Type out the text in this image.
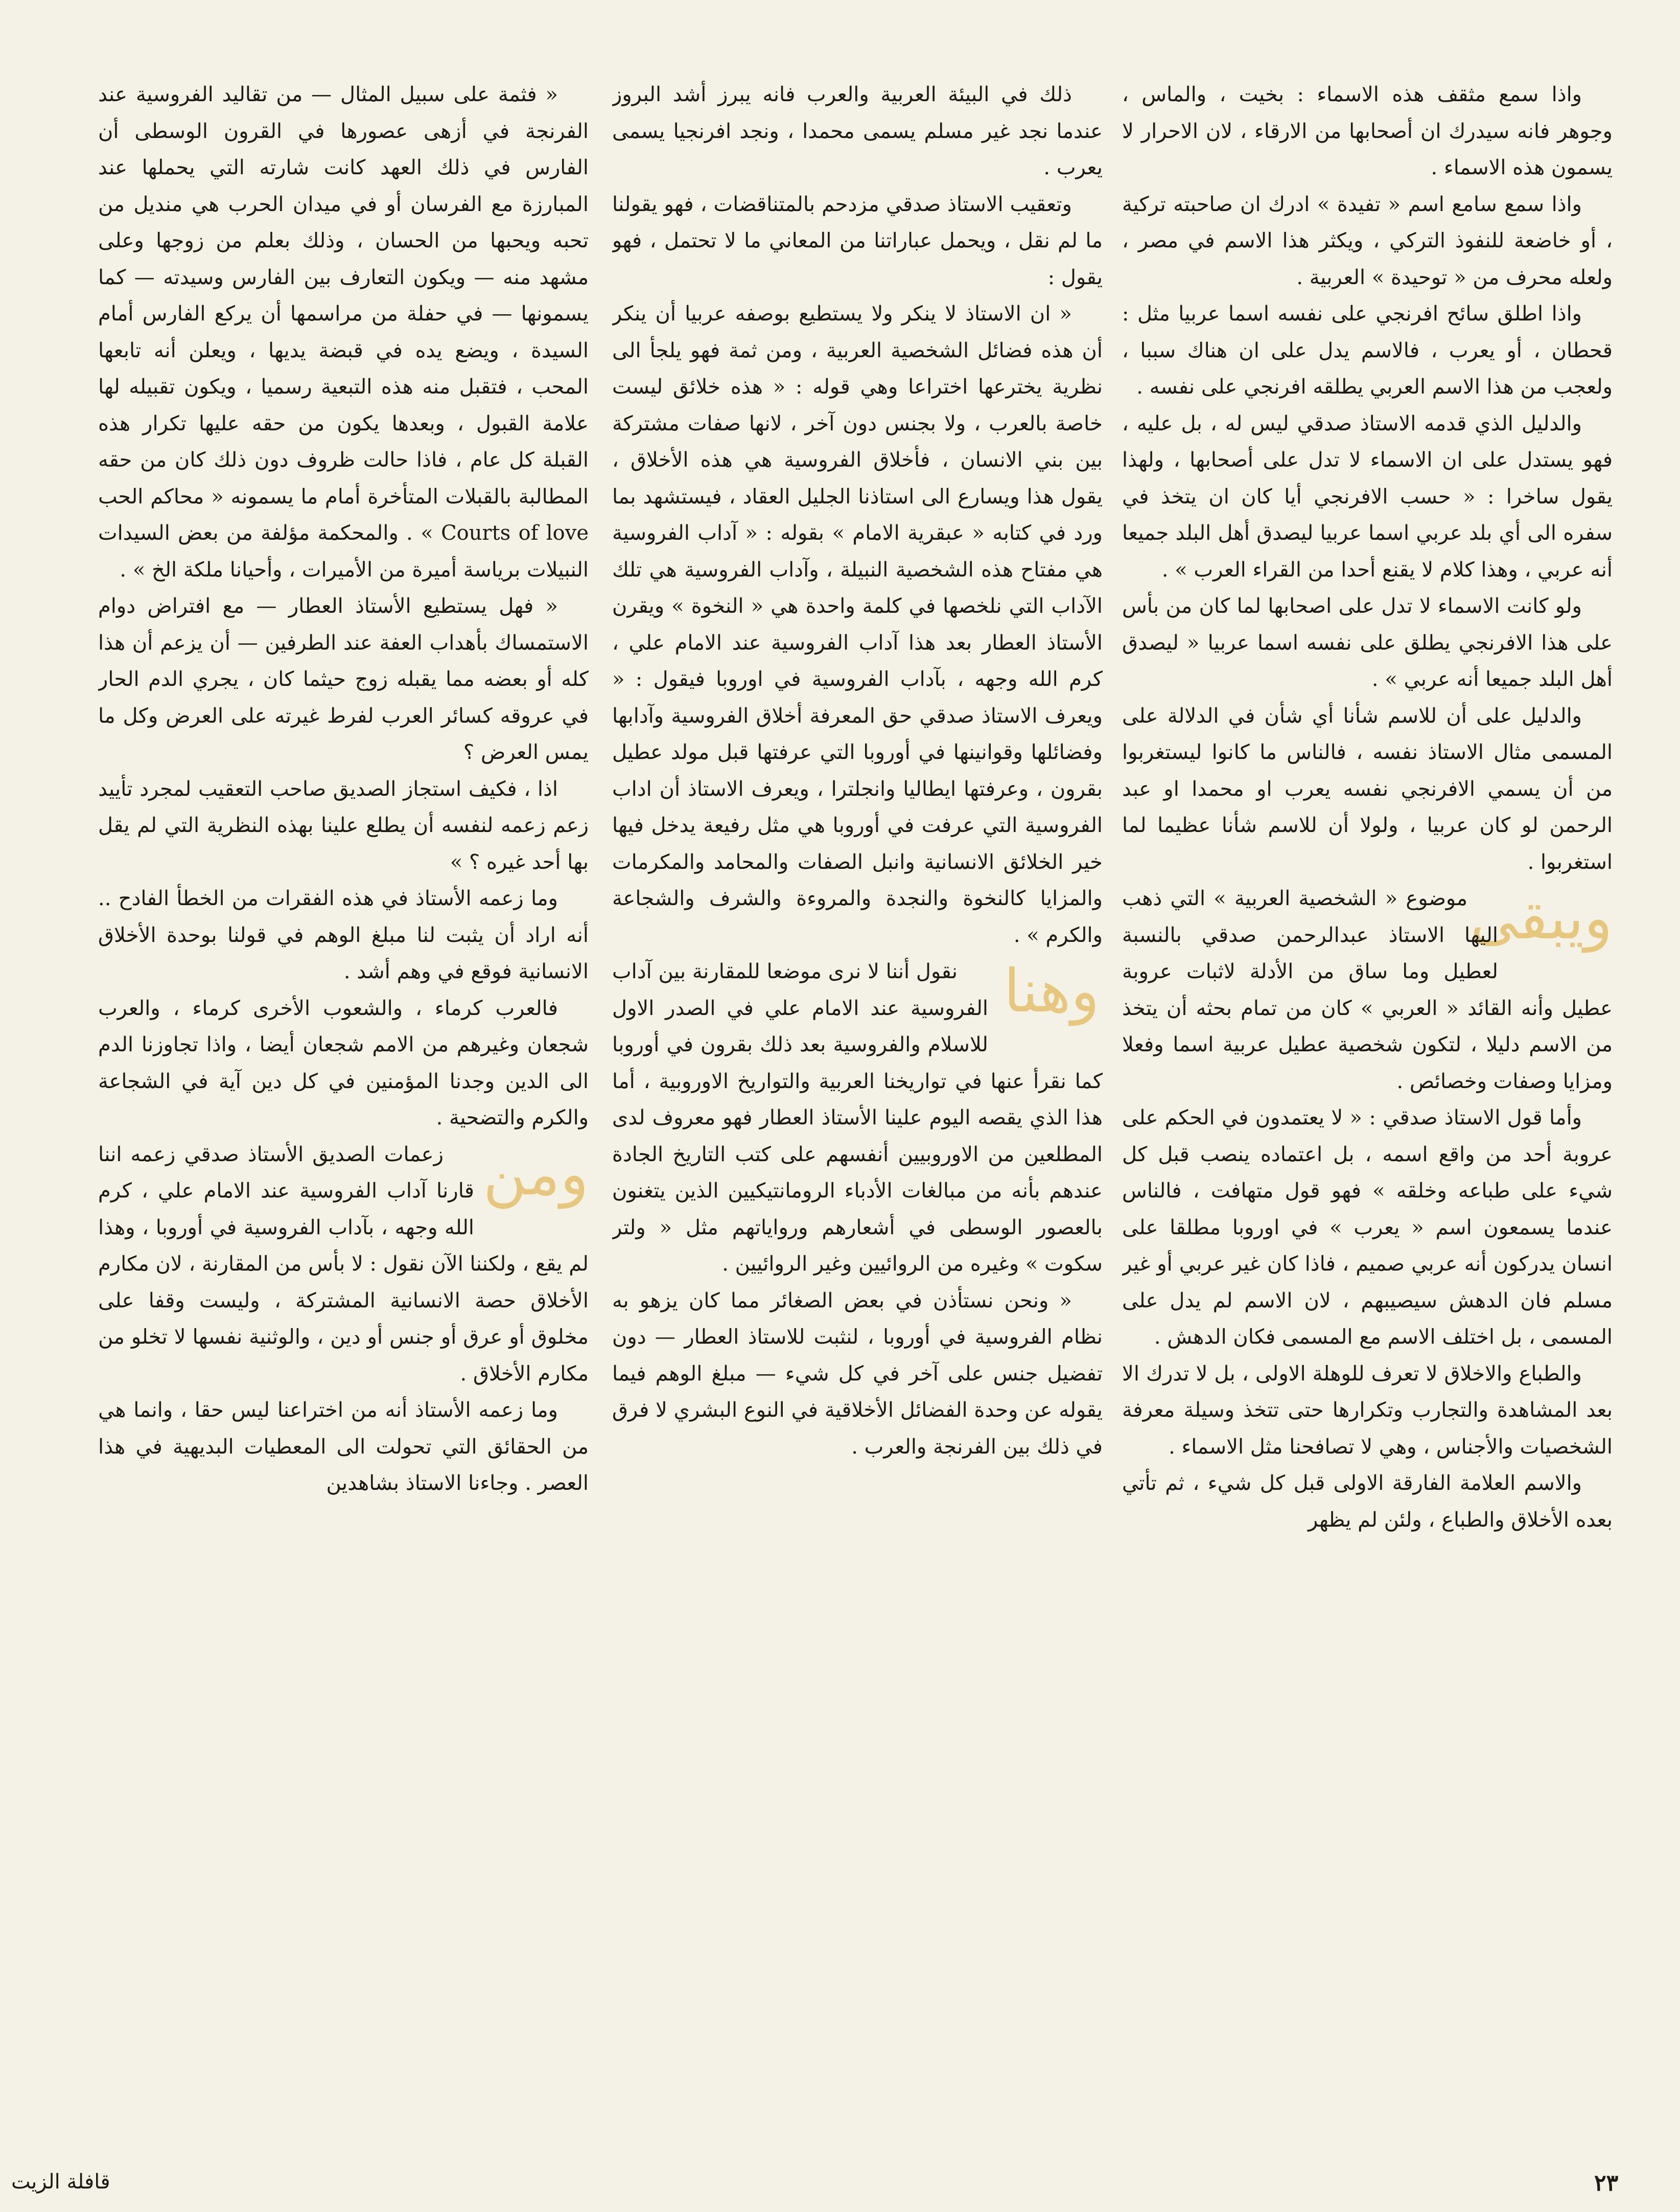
واذا سمع مثقف هذه الاسماء : بخيت ، والماس ، وجوهر فانه سيدرك ان أصحابها من الارقاء ، لان الاحرار لا يسمون هذه الاسماء .

واذا سمع سامع اسم « تفيدة » ادرك ان صاحبته تركية ، أو خاضعة للنفوذ التركي ، ويكثر هذا الاسم في مصر ، ولعله محرف من « توحيدة » العربية .

واذا اطلق سائح افرنجي على نفسه اسما عربيا مثل : قحطان ، أو يعرب ، فالاسم يدل على ان هناك سببا ، ولعجب من هذا الاسم العربي يطلقه افرنجي على نفسه .

والدليل الذي قدمه الاستاذ صدقي ليس له ، بل عليه ، فهو يستدل على ان الاسماء لا تدل على أصحابها ، ولهذا يقول ساخرا : « حسب الافرنجي أيا كان ان يتخذ في سفره الى أي بلد عربي اسما عربيا ليصدق أهل البلد جميعا أنه عربي ، وهذا كلام لا يقنع أحدا من القراء العرب » .

ولو كانت الاسماء لا تدل على اصحابها لما كان من بأس على هذا الافرنجي يطلق على نفسه اسما عربيا « ليصدق أهل البلد جميعا أنه عربي » .

والدليل على أن للاسم شأنا أي شأن في الدلالة على المسمى مثال الاستاذ نفسه ، فالناس ما كانوا ليستغربوا من أن يسمي الافرنجي نفسه يعرب او محمدا او عبد الرحمن لو كان عربيا ، ولولا أن للاسم شأنا عظيما لما استغربوا .

ويبقى

موضوع « الشخصية العربية » التي ذهب اليها الاستاذ عبدالرحمن صدقي بالنسبة لعطيل وما ساق من الأدلة لاثبات عروبة عطيل وأنه القائد « العربي » كان من تمام بحثه أن يتخذ من الاسم دليلا ، لتكون شخصية عطيل عربية اسما وفعلا ومزايا وصفات وخصائص .

وأما قول الاستاذ صدقي : « لا يعتمدون في الحكم على عروبة أحد من واقع اسمه ، بل اعتماده ينصب قبل كل شيء على طباعه وخلقه » فهو قول متهافت ، فالناس عندما يسمعون اسم « يعرب » في اوروبا مطلقا على انسان يدركون أنه عربي صميم ، فاذا كان غير عربي أو غير مسلم فان الدهش سيصيبهم ، لان الاسم لم يدل على المسمى ، بل اختلف الاسم مع المسمى فكان الدهش .

والطباع والاخلاق لا تعرف للوهلة الاولى ، بل لا تدرك الا بعد المشاهدة والتجارب وتكرارها حتى تتخذ وسيلة معرفة الشخصيات والأجناس ، وهي لا تصافحنا مثل الاسماء .

والاسم العلامة الفارقة الاولى قبل كل شيء ، ثم تأتي بعده الأخلاق والطباع ، ولئن لم يظهر

ذلك في البيئة العربية والعرب فانه يبرز أشد البروز عندما نجد غير مسلم يسمى محمدا ، ونجد افرنجيا يسمى يعرب .

وتعقيب الاستاذ صدقي مزدحم بالمتناقضات ، فهو يقولنا ما لم نقل ، ويحمل عباراتنا من المعاني ما لا تحتمل ، فهو يقول :

« ان الاستاذ لا ينكر ولا يستطيع بوصفه عربيا أن ينكر أن هذه فضائل الشخصية العربية ، ومن ثمة فهو يلجأ الى نظرية يخترعها اختراعا وهي قوله : « هذه خلائق ليست خاصة بالعرب ، ولا بجنس دون آخر ، لانها صفات مشتركة بين بني الانسان ، فأخلاق الفروسية هي هذه الأخلاق ، يقول هذا ويسارع الى استاذنا الجليل العقاد ، فيستشهد بما ورد في كتابه « عبقرية الامام » بقوله : « آداب الفروسية هي مفتاح هذه الشخصية النبيلة ، وآداب الفروسية هي تلك الآداب التي نلخصها في كلمة واحدة هي « النخوة » ويقرن الأستاذ العطار بعد هذا آداب الفروسية عند الامام علي ، كرم الله وجهه ، بآداب الفروسية في اوروبا فيقول : « ويعرف الاستاذ صدقي حق المعرفة أخلاق الفروسية وآدابها وفضائلها وقوانينها في أوروبا التي عرفتها قبل مولد عطيل بقرون ، وعرفتها ايطاليا وانجلترا ، ويعرف الاستاذ أن اداب الفروسية التي عرفت في أوروبا هي مثل رفيعة يدخل فيها خير الخلائق الانسانية وانبل الصفات والمحامد والمكرمات والمزايا كالنخوة والنجدة والمروءة والشرف والشجاعة والكرم » .

وهنا

نقول أننا لا نرى موضعا للمقارنة بين آداب الفروسية عند الامام علي في الصدر الاول للاسلام والفروسية بعد ذلك بقرون في أوروبا كما نقرأ عنها في تواريخنا العربية والتواريخ الاوروبية ، أما هذا الذي يقصه اليوم علينا الأستاذ العطار فهو معروف لدى المطلعين من الاوروبيين أنفسهم على كتب التاريخ الجادة عندهم بأنه من مبالغات الأدباء الرومانتيكيين الذين يتغنون بالعصور الوسطى في أشعارهم ورواياتهم مثل « ولتر سكوت » وغيره من الروائيين وغير الروائيين .

« ونحن نستأذن في بعض الصغائر مما كان يزهو به نظام الفروسية في أوروبا ، لنثبت للاستاذ العطار — دون تفضيل جنس على آخر في كل شيء — مبلغ الوهم فيما يقوله عن وحدة الفضائل الأخلاقية في النوع البشري لا فرق في ذلك بين الفرنجة والعرب .

« فثمة على سبيل المثال — من تقاليد الفروسية عند الفرنجة في أزهى عصورها في القرون الوسطى أن الفارس في ذلك العهد كانت شارته التي يحملها عند المبارزة مع الفرسان أو في ميدان الحرب هي منديل من تحبه ويحبها من الحسان ، وذلك بعلم من زوجها وعلى مشهد منه — ويكون التعارف بين الفارس وسيدته — كما يسمونها — في حفلة من مراسمها أن يركع الفارس أمام السيدة ، ويضع يده في قبضة يديها ، ويعلن أنه تابعها المحب ، فتقبل منه هذه التبعية رسميا ، ويكون تقبيله لها علامة القبول ، وبعدها يكون من حقه عليها تكرار هذه القبلة كل عام ، فاذا حالت ظروف دون ذلك كان من حقه المطالبة بالقبلات المتأخرة أمام ما يسمونه « محاكم الحب Courts of love » . والمحكمة مؤلفة من بعض السيدات النبيلات برياسة أميرة من الأميرات ، وأحيانا ملكة الخ » .

« فهل يستطيع الأستاذ العطار — مع افتراض دوام الاستمساك بأهداب العفة عند الطرفين — أن يزعم أن هذا كله أو بعضه مما يقبله زوج حيثما كان ، يجري الدم الحار في عروقه كسائر العرب لفرط غيرته على العرض وكل ما يمس العرض ؟

اذا ، فكيف استجاز الصديق صاحب التعقيب لمجرد تأييد زعم زعمه لنفسه أن يطلع علينا بهذه النظرية التي لم يقل بها أحد غيره ؟ »

وما زعمه الأستاذ في هذه الفقرات من الخطأ الفادح .. أنه اراد أن يثبت لنا مبلغ الوهم في قولنا بوحدة الأخلاق الانسانية فوقع في وهم أشد .

فالعرب كرماء ، والشعوب الأخرى كرماء ، والعرب شجعان وغيرهم من الامم شجعان أيضا ، واذا تجاوزنا الدم الى الدين وجدنا المؤمنين في كل دين آية في الشجاعة والكرم والتضحية .

ومن

زعمات الصديق الأستاذ صدقي زعمه اننا قارنا آداب الفروسية عند الامام علي ، كرم الله وجهه ، بآداب الفروسية في أوروبا ، وهذا لم يقع ، ولكننا الآن نقول : لا بأس من المقارنة ، لان مكارم الأخلاق حصة الانسانية المشتركة ، وليست وقفا على مخلوق أو عرق أو جنس أو دين ، والوثنية نفسها لا تخلو من مكارم الأخلاق .

وما زعمه الأستاذ أنه من اختراعنا ليس حقا ، وانما هي من الحقائق التي تحولت الى المعطيات البديهية في هذا العصر . وجاءنا الاستاذ بشاهدين

٢٣
قافلة الزيت
